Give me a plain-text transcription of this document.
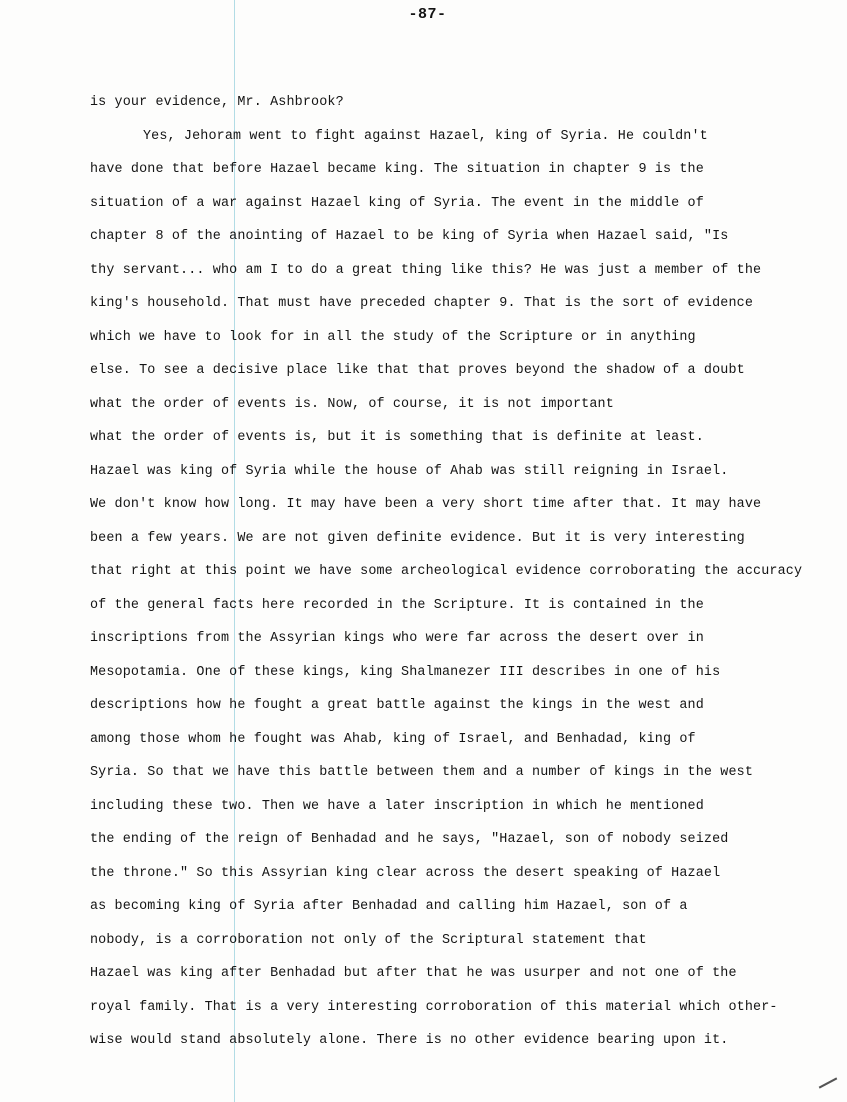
-87-
is your evidence, Mr. Ashbrook?
Yes, Jehoram went to fight against Hazael, king of Syria. He couldn't
have done that before Hazael became king. The situation in chapter 9 is the
situation of a war against Hazael king of Syria. The event in the middle of
chapter 8 of the anointing of Hazael to be king of Syria when Hazael said, "Is
thy servant... who am I to do a great thing like this? He was just a member of the
king's household. That must have preceded chapter 9. That is the sort of evidence
which we have to look for in all the study of the Scripture or in anything
else. To see a decisive place like that that proves beyond the shadow of a doubt
what the order of events is. Now, of course, it is not important
what the order of events is, but it is something that is definite at least.
Hazael was king of Syria while the house of Ahab was still reigning in Israel.
We don't know how long. It may have been a very short time after that. It may have
been a few years. We are not given definite evidence. But it is very interesting
that right at this point we have some archeological evidence corroborating the accuracy
of the general facts here recorded in the Scripture. It is contained in the
inscriptions from the Assyrian kings who were far across the desert over in
Mesopotamia. One of these kings, king Shalmanezer III describes in one of his
descriptions how he fought a great battle against the kings in the west and
among those whom he fought was Ahab, king of Israel, and Benhadad, king of
Syria. So that we have this battle between them and a number of kings in the west
including these two. Then we have a later inscription in which he mentioned
the ending of the reign of Benhadad and he says, "Hazael, son of nobody seized
the throne." So this Assyrian king clear across the desert speaking of Hazael
as becoming king of Syria after Benhadad and calling him Hazael, son of a
nobody, is a corroboration not only of the Scriptural statement that
Hazael was king after Benhadad but after that he was usurper and not one of the
royal family. That is a very interesting corroboration of this material which other-
wise would stand absolutely alone. There is no other evidence bearing upon it.
